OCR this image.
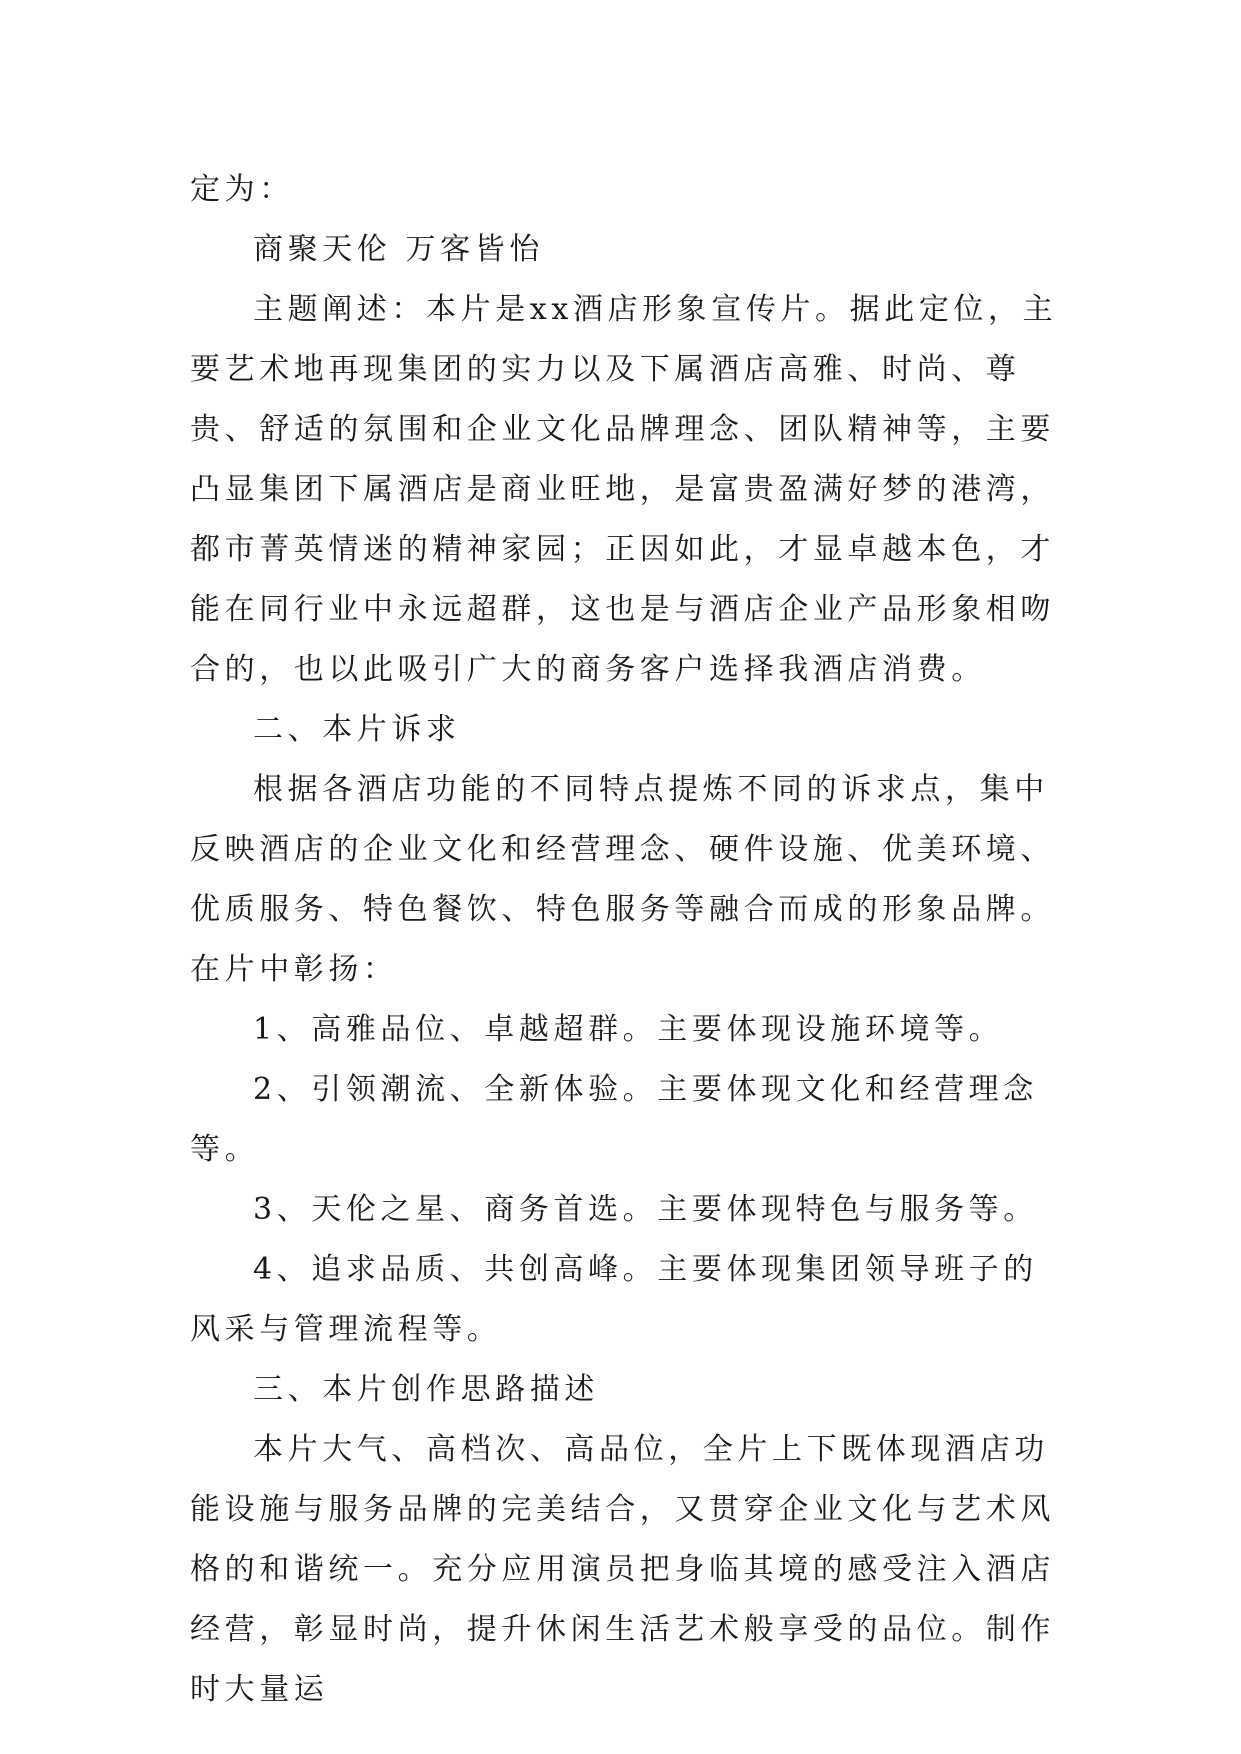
定为：

商聚天伦 万客皆怡

主题阐述：本片是xx酒店形象宣传片。据此定位，主要艺术地再现集团的实力以及下属酒店高雅、时尚、尊贵、舒适的氛围和企业文化品牌理念、团队精神等，主要凸显集团下属酒店是商业旺地，是富贵盈满好梦的港湾，都市菁英情迷的精神家园；正因如此，才显卓越本色，才能在同行业中永远超群，这也是与酒店企业产品形象相吻合的，也以此吸引广大的商务客户选择我酒店消费。

二、本片诉求

根据各酒店功能的不同特点提炼不同的诉求点，集中反映酒店的企业文化和经营理念、硬件设施、优美环境、优质服务、特色餐饮、特色服务等融合而成的形象品牌。在片中彰扬：

1、高雅品位、卓越超群。主要体现设施环境等。

2、引领潮流、全新体验。主要体现文化和经营理念等。

3、天伦之星、商务首选。主要体现特色与服务等。

4、追求品质、共创高峰。主要体现集团领导班子的风采与管理流程等。

三、本片创作思路描述

本片大气、高档次、高品位，全片上下既体现酒店功能设施与服务品牌的完美结合，又贯穿企业文化与艺术风格的和谐统一。充分应用演员把身临其境的感受注入酒店经营，彰显时尚，提升休闲生活艺术般享受的品位。制作时大量运
